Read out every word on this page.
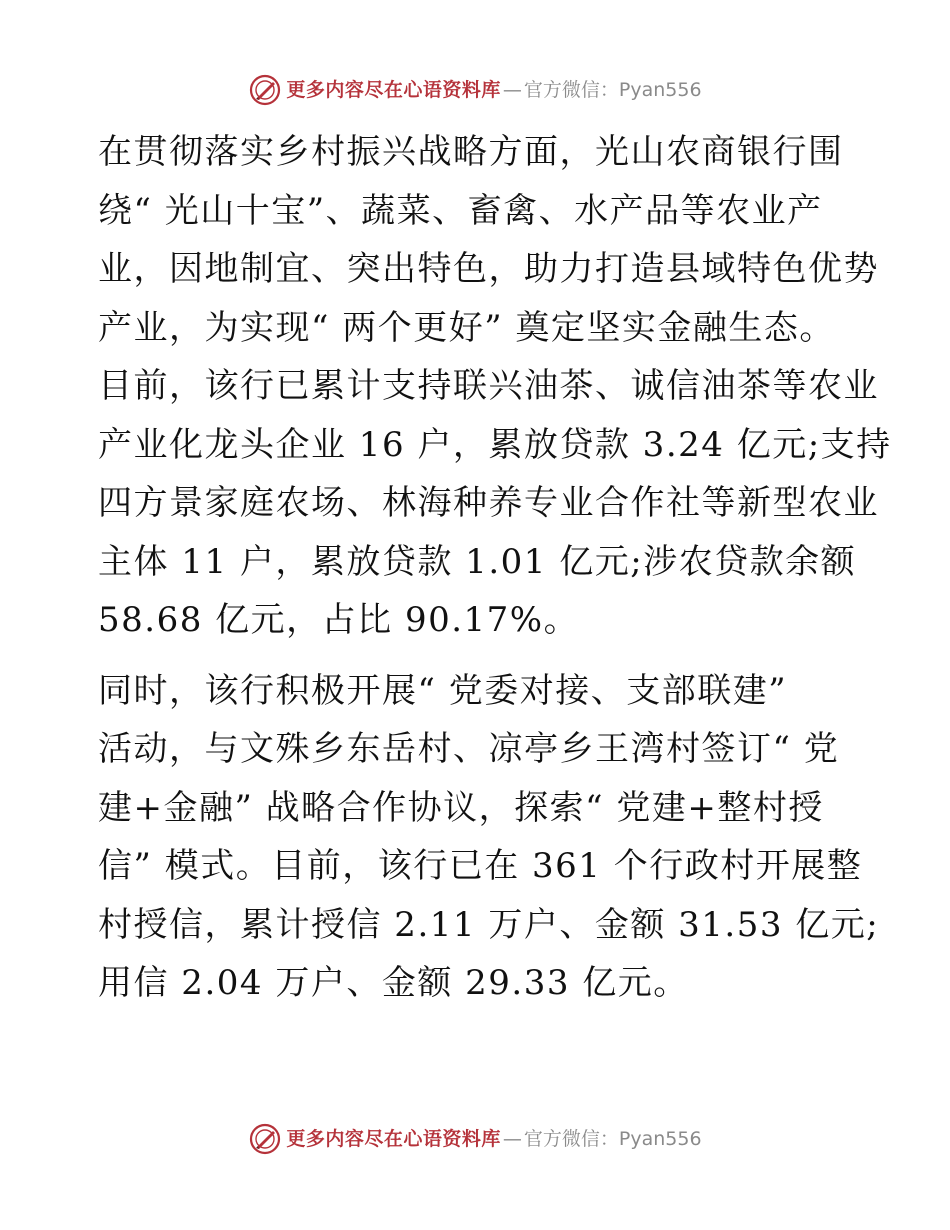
更多内容尽在心语资料库 — 官方微信：Pyan556

在贯彻落实乡村振兴战略方面，光山农商银行围
绕“ 光山十宝”、蔬菜、畜禽、水产品等农业产
业，因地制宜、突出特色，助力打造县域特色优势
产业，为实现“ 两个更好” 奠定坚实金融生态。
目前，该行已累计支持联兴油茶、诚信油茶等农业
产业化龙头企业 16 户，累放贷款 3.24 亿元;支持
四方景家庭农场、林海种养专业合作社等新型农业
主体 11 户，累放贷款 1.01 亿元;涉农贷款余额
58.68 亿元，占比 90.17%。

同时，该行积极开展“ 党委对接、支部联建”
活动，与文殊乡东岳村、凉亭乡王湾村签订“ 党
建+金融” 战略合作协议，探索“ 党建+整村授
信” 模式。目前，该行已在 361 个行政村开展整
村授信，累计授信 2.11 万户、金额 31.53 亿元;
用信 2.04 万户、金额 29.33 亿元。

更多内容尽在心语资料库 — 官方微信：Pyan556
